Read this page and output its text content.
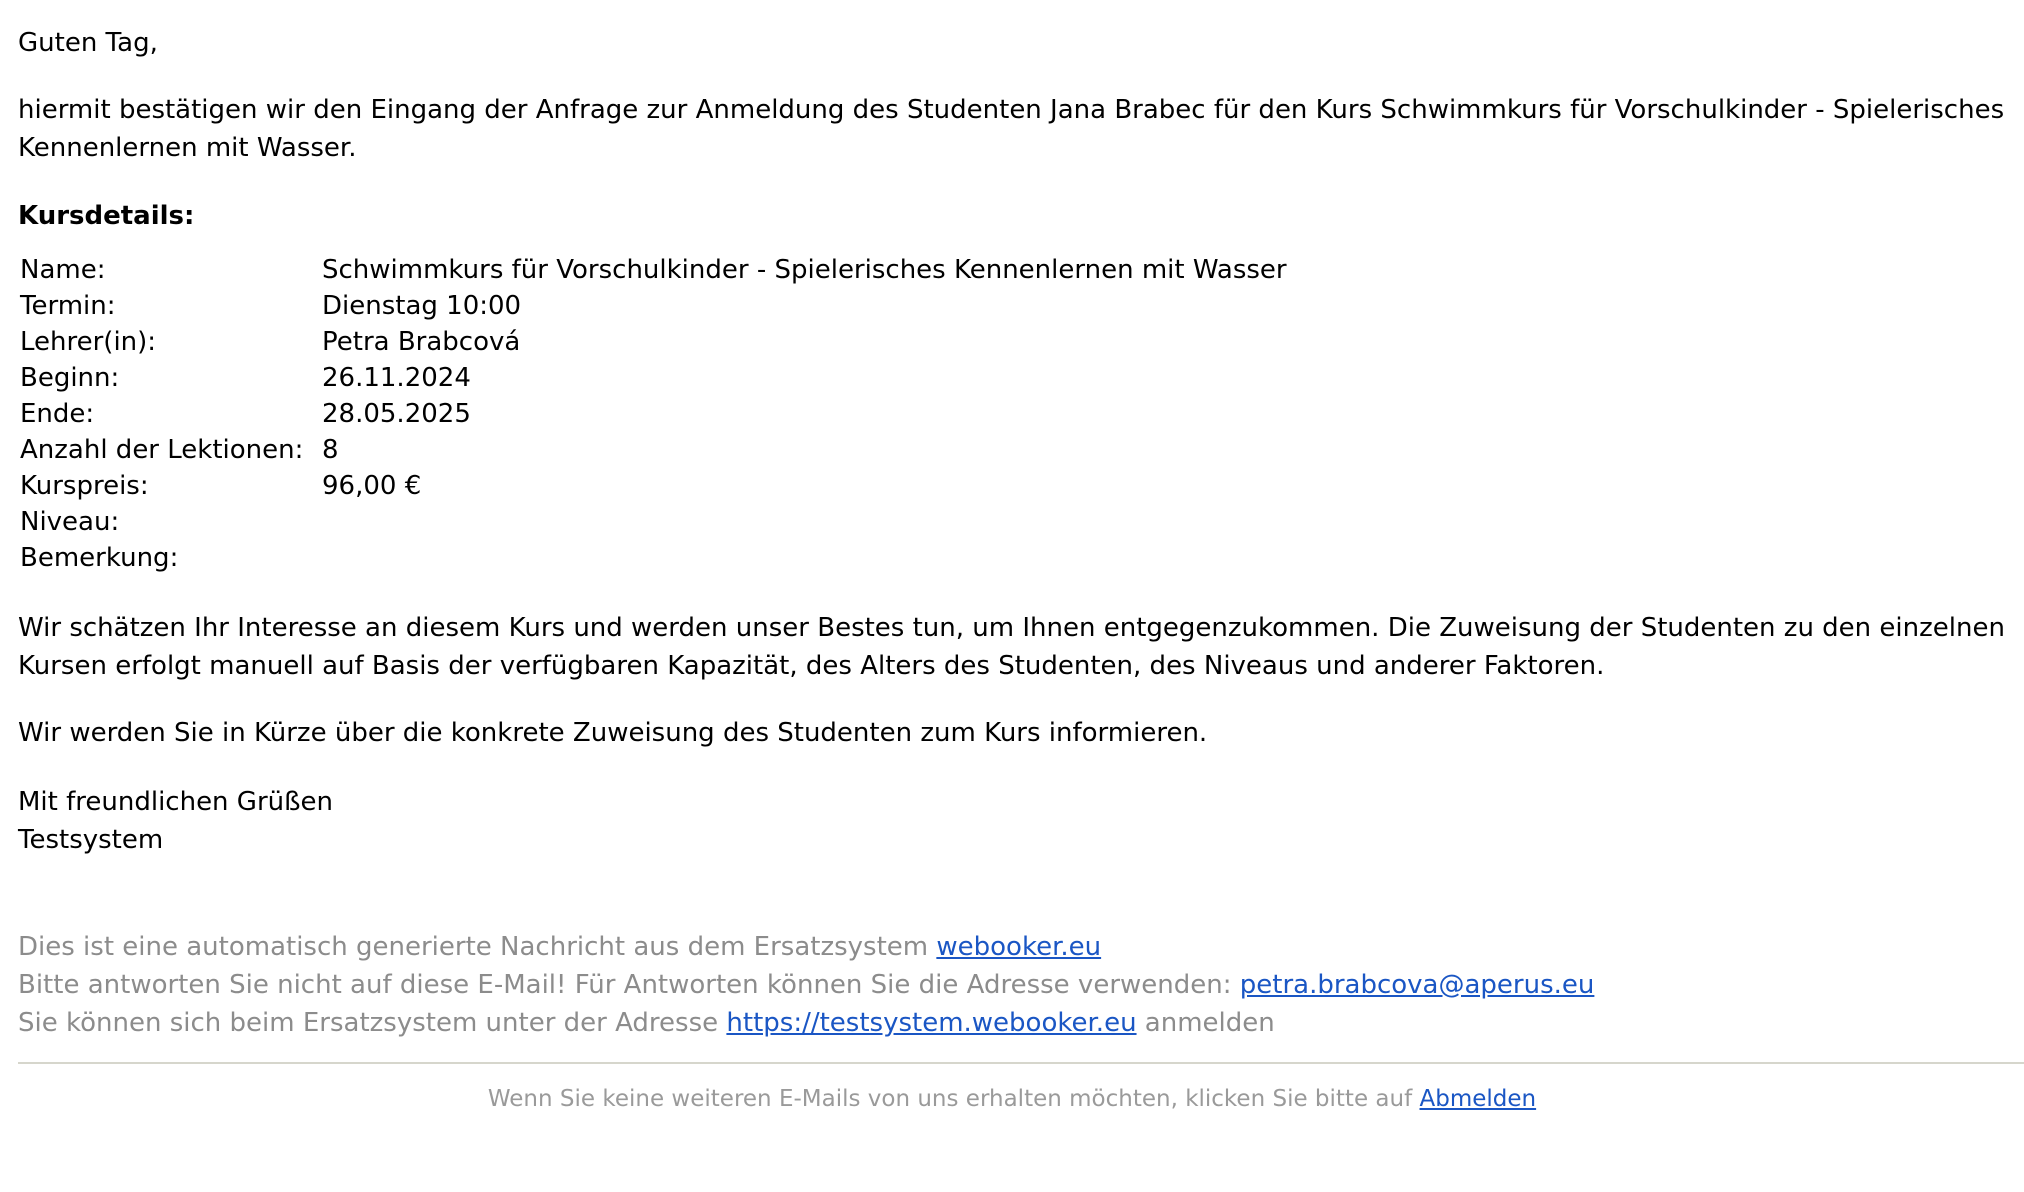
Guten Tag,

hiermit bestätigen wir den Eingang der Anfrage zur Anmeldung des Studenten Jana Brabec für den Kurs Schwimmkurs für Vorschulkinder - Spielerisches Kennenlernen mit Wasser.

Kursdetails:

Name:	Schwimmkurs für Vorschulkinder - Spielerisches Kennenlernen mit Wasser
Termin:	Dienstag 10:00
Lehrer(in):	Petra Brabcová
Beginn:	26.11.2024
Ende:	28.05.2025
Anzahl der Lektionen:	8
Kurspreis:	96,00 €
Niveau:	
Bemerkung:	

Wir schätzen Ihr Interesse an diesem Kurs und werden unser Bestes tun, um Ihnen entgegenzukommen. Die Zuweisung der Studenten zu den einzelnen Kursen erfolgt manuell auf Basis der verfügbaren Kapazität, des Alters des Studenten, des Niveaus und anderer Faktoren.

Wir werden Sie in Kürze über die konkrete Zuweisung des Studenten zum Kurs informieren.

Mit freundlichen Grüßen

Testsystem

Dies ist eine automatisch generierte Nachricht aus dem Ersatzsystem webooker.eu

Bitte antworten Sie nicht auf diese E-Mail! Für Antworten können Sie die Adresse verwenden: petra.brabcova@aperus.eu

Sie können sich beim Ersatzsystem unter der Adresse https://testsystem.webooker.eu anmelden

Wenn Sie keine weiteren E-Mails von uns erhalten möchten, klicken Sie bitte auf Abmelden
